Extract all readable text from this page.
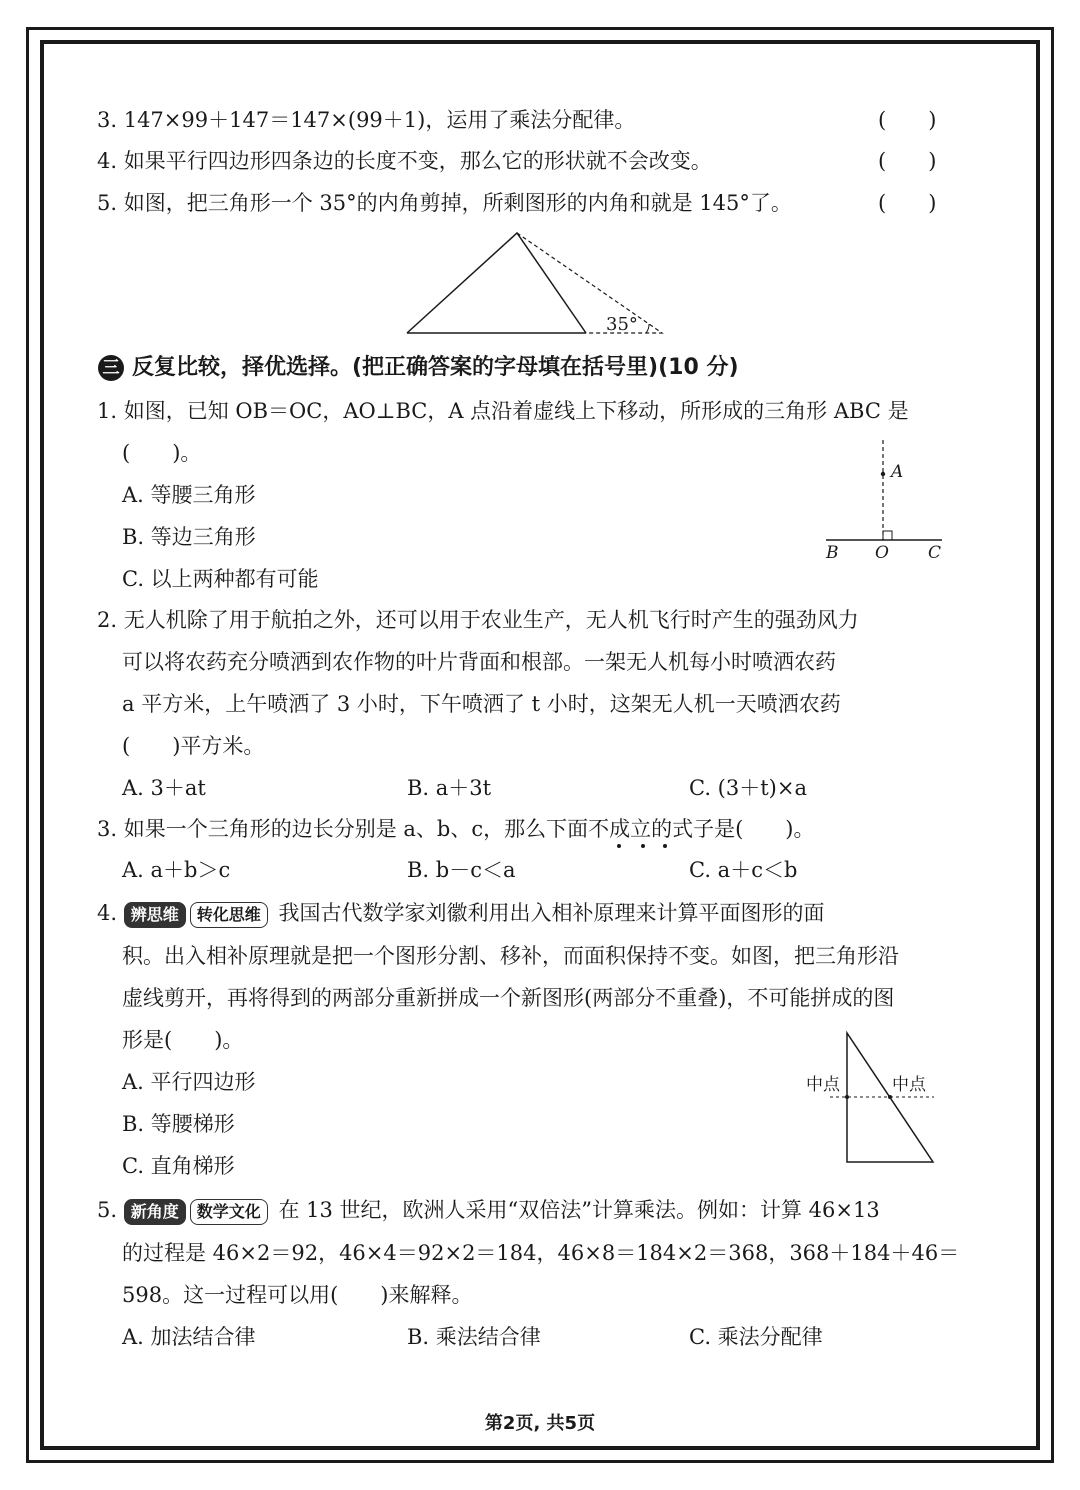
3. 147×99＋147＝147×(99＋1)，运用了乘法分配律。	(　　)
4. 如果平行四边形四条边的长度不变，那么它的形状就不会改变。	(　　)
5. 如图，把三角形一个 35°的内角剪掉，所剩图形的内角和就是 145°了。	(　　)
35°
三 反复比较，择优选择。(把正确答案的字母填在括号里)(10 分)
1. 如图，已知 OB＝OC，AO⊥BC，A 点沿着虚线上下移动，所形成的三角形 ABC 是
(　　)。
A. 等腰三角形
B. 等边三角形
C. 以上两种都有可能
A
B O C
2. 无人机除了用于航拍之外，还可以用于农业生产，无人机飞行时产生的强劲风力
可以将农药充分喷洒到农作物的叶片背面和根部。一架无人机每小时喷洒农药
a 平方米，上午喷洒了 3 小时，下午喷洒了 t 小时，这架无人机一天喷洒农药
(　　)平方米。
A. 3＋at	B. a＋3t	C. (3＋t)×a
3. 如果一个三角形的边长分别是 a、b、c，那么下面不成立的式子是(　　)。
A. a＋b＞c	B. b－c＜a	C. a＋c＜b
4. 辨思维 转化思维 我国古代数学家刘徽利用出入相补原理来计算平面图形的面
积。出入相补原理就是把一个图形分割、移补，而面积保持不变。如图，把三角形沿
虚线剪开，再将得到的两部分重新拼成一个新图形(两部分不重叠)，不可能拼成的图
形是(　　)。
A. 平行四边形
B. 等腰梯形
C. 直角梯形
中点	中点
5. 新角度 数学文化 在 13 世纪，欧洲人采用“双倍法”计算乘法。例如：计算 46×13
的过程是 46×2＝92，46×4＝92×2＝184，46×8＝184×2＝368，368＋184＋46＝
598。这一过程可以用(　　)来解释。
A. 加法结合律	B. 乘法结合律	C. 乘法分配律
第2页, 共5页
